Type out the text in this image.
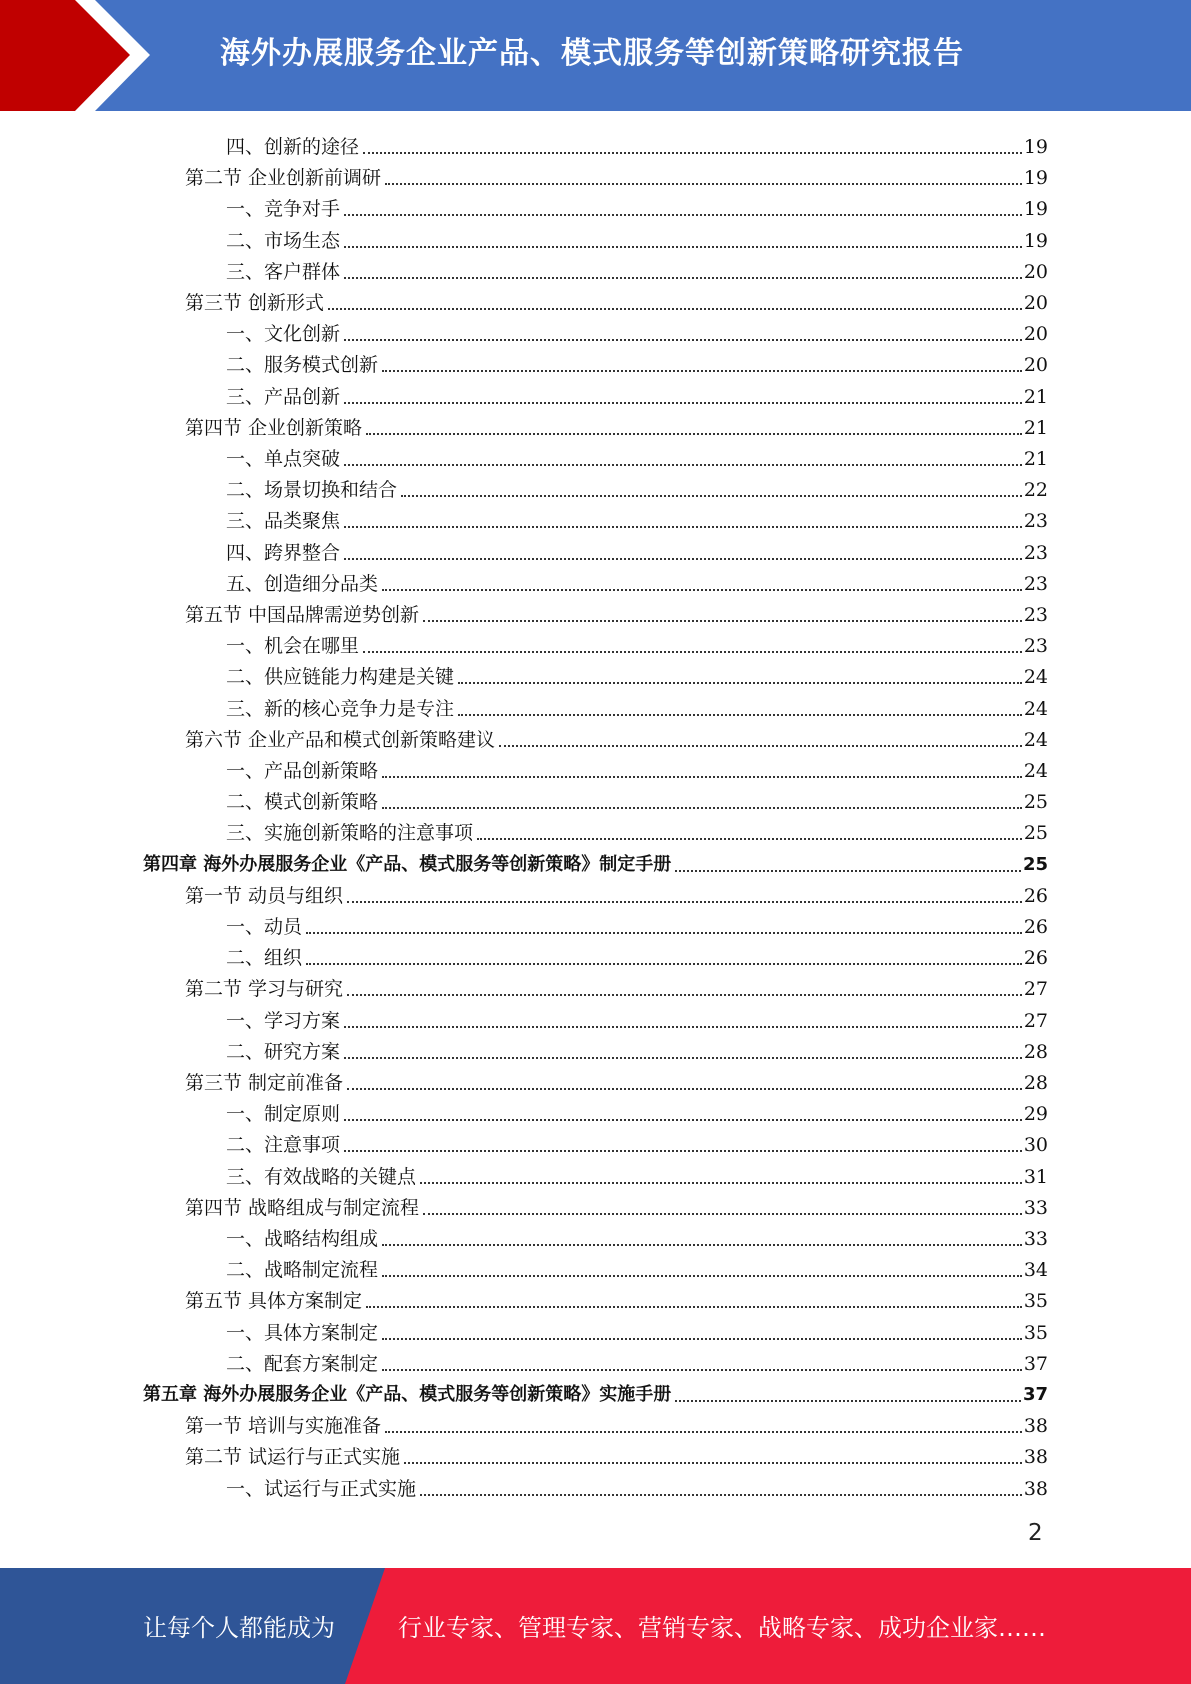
海外办展服务企业产品、模式服务等创新策略研究报告
四、创新的途径	19
第二节 企业创新前调研	19
一、竞争对手	19
二、市场生态	19
三、客户群体	20
第三节 创新形式	20
一、文化创新	20
二、服务模式创新	20
三、产品创新	21
第四节 企业创新策略	21
一、单点突破	21
二、场景切换和结合	22
三、品类聚焦	23
四、跨界整合	23
五、创造细分品类	23
第五节 中国品牌需逆势创新	23
一、机会在哪里	23
二、供应链能力构建是关键	24
三、新的核心竞争力是专注	24
第六节 企业产品和模式创新策略建议	24
一、产品创新策略	24
二、模式创新策略	25
三、实施创新策略的注意事项	25
第四章 海外办展服务企业《产品、模式服务等创新策略》制定手册	25
第一节 动员与组织	26
一、动员	26
二、组织	26
第二节 学习与研究	27
一、学习方案	27
二、研究方案	28
第三节 制定前准备	28
一、制定原则	29
二、注意事项	30
三、有效战略的关键点	31
第四节 战略组成与制定流程	33
一、战略结构组成	33
二、战略制定流程	34
第五节 具体方案制定	35
一、具体方案制定	35
二、配套方案制定	37
第五章 海外办展服务企业《产品、模式服务等创新策略》实施手册	37
第一节 培训与实施准备	38
第二节 试运行与正式实施	38
一、试运行与正式实施	38
2
让每个人都能成为	行业专家、管理专家、营销专家、战略专家、成功企业家……
